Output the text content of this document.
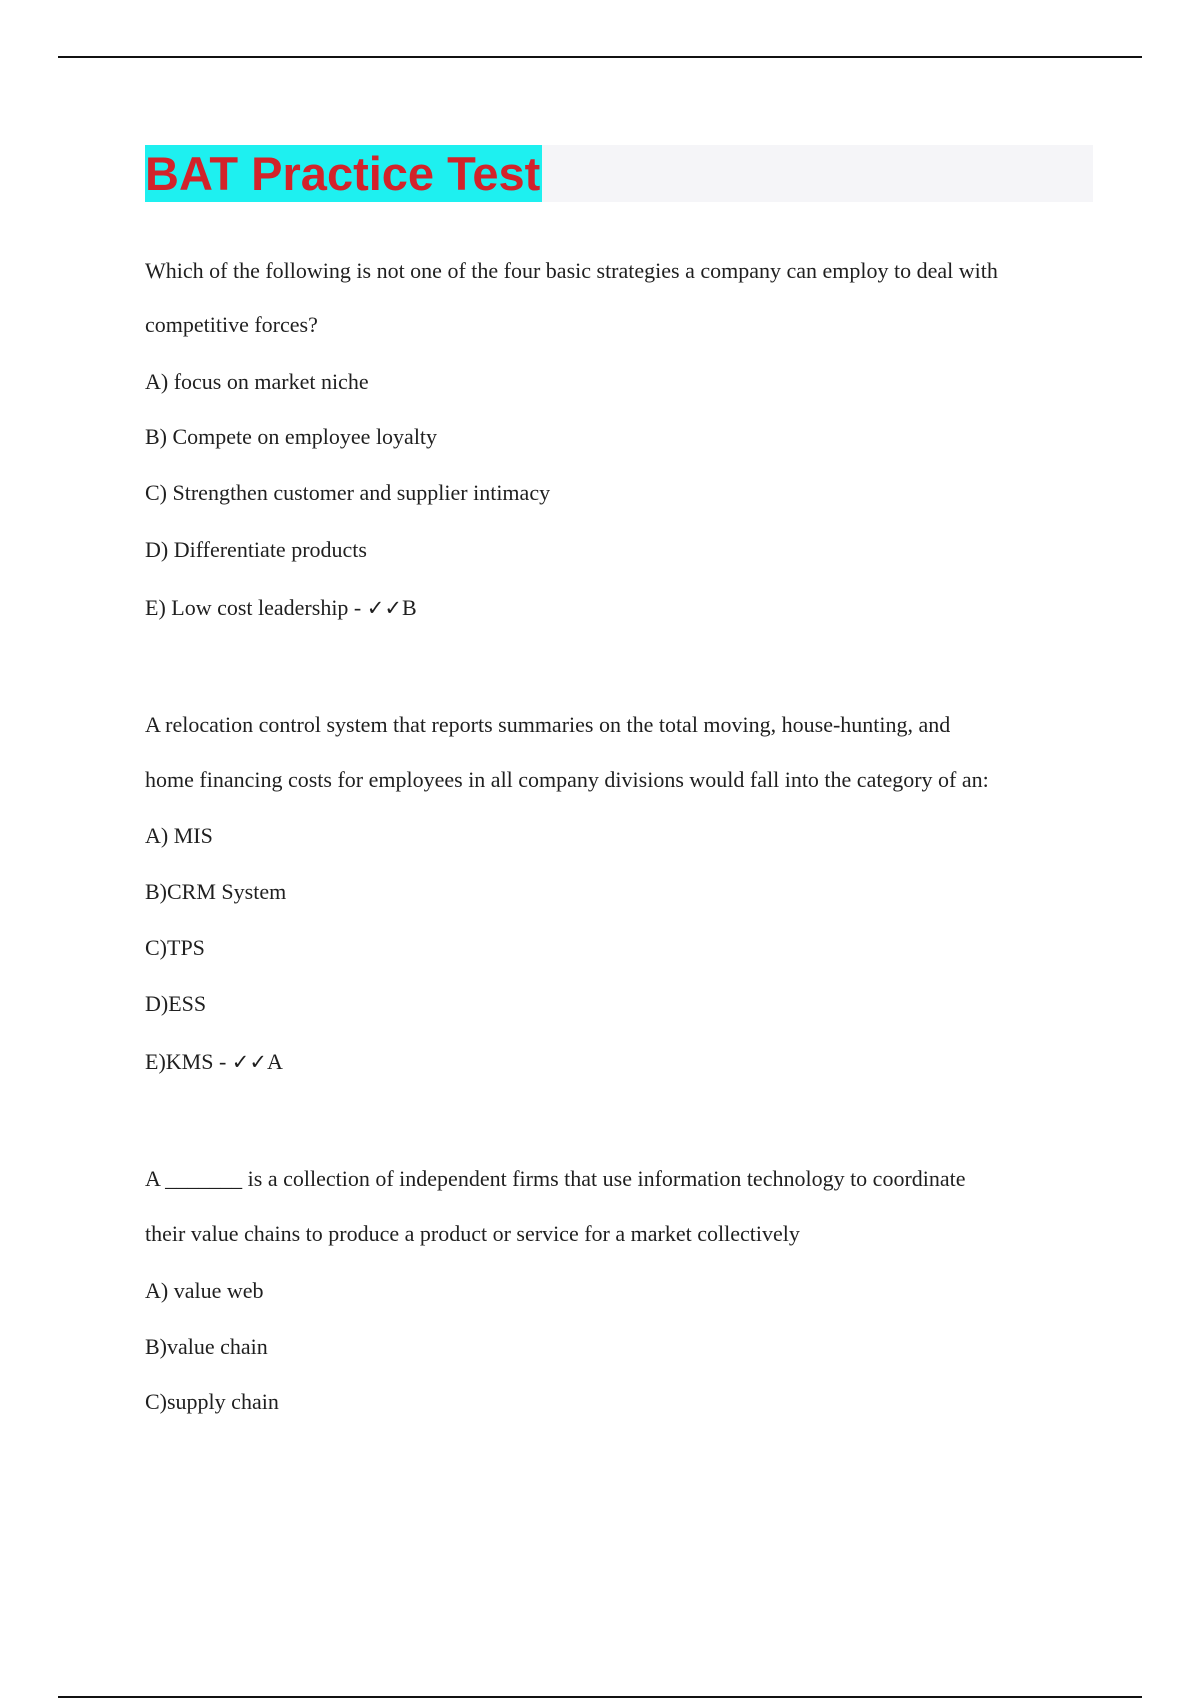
BAT Practice Test
Which of the following is not one of the four basic strategies a company can employ to deal with
competitive forces?
A) focus on market niche
B) Compete on employee loyalty
C) Strengthen customer and supplier intimacy
D) Differentiate products
E) Low cost leadership - ✓✓B
A relocation control system that reports summaries on the total moving, house-hunting, and
home financing costs for employees in all company divisions would fall into the category of an:
A) MIS
B)CRM System
C)TPS
D)ESS
E)KMS - ✓✓A
A _______ is a collection of independent firms that use information technology to coordinate
their value chains to produce a product or service for a market collectively
A) value web
B)value chain
C)supply chain
